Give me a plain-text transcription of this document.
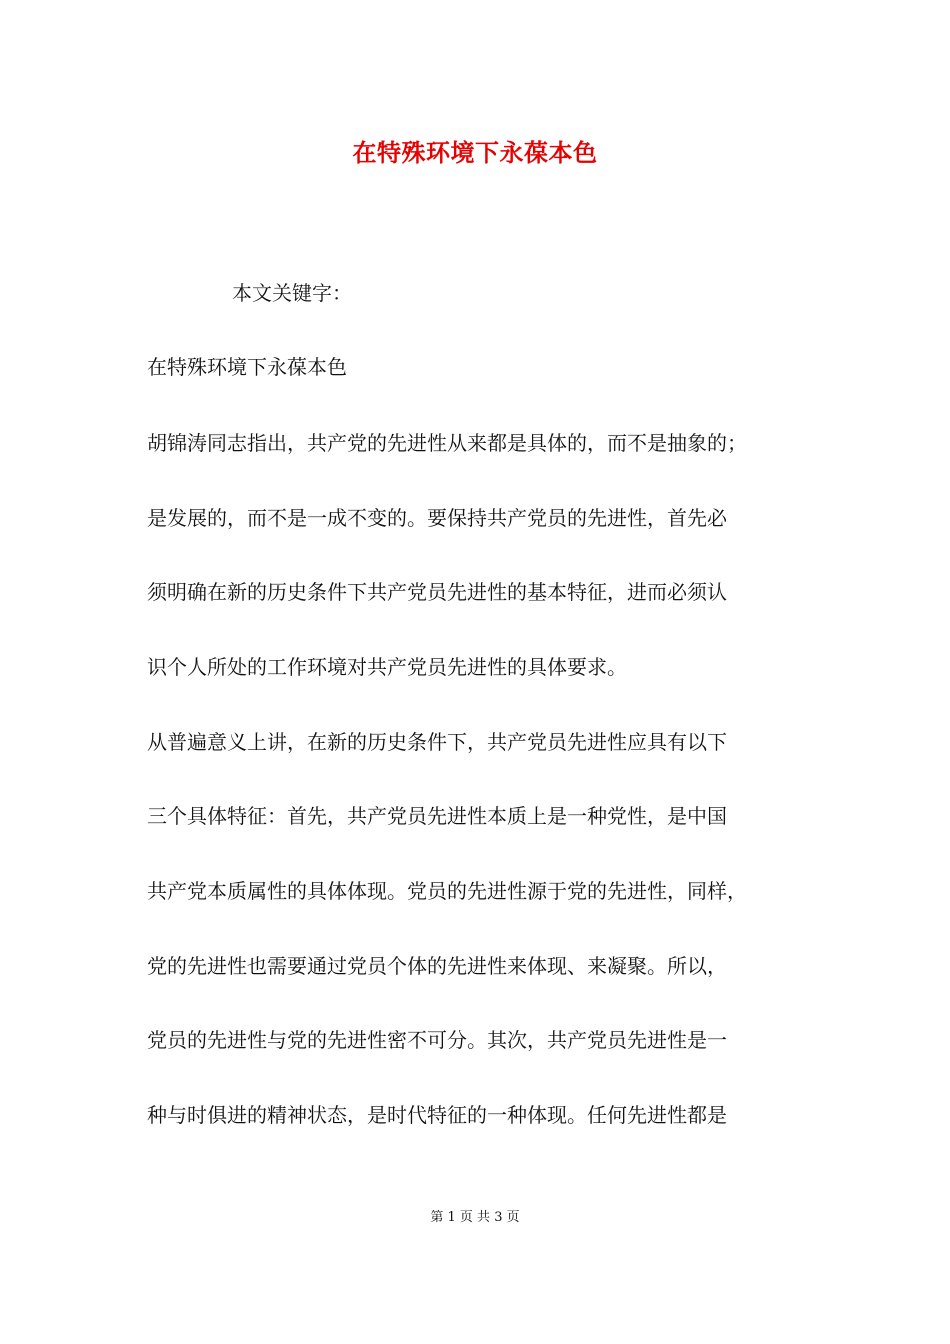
在特殊环境下永葆本色
本文关键字：
在特殊环境下永葆本色
胡锦涛同志指出，共产党的先进性从来都是具体的，而不是抽象的；
是发展的，而不是一成不变的。要保持共产党员的先进性，首先必
须明确在新的历史条件下共产党员先进性的基本特征，进而必须认
识个人所处的工作环境对共产党员先进性的具体要求。
从普遍意义上讲，在新的历史条件下，共产党员先进性应具有以下
三个具体特征：首先，共产党员先进性本质上是一种党性，是中国
共产党本质属性的具体体现。党员的先进性源于党的先进性，同样，
党的先进性也需要通过党员个体的先进性来体现、来凝聚。所以，
党员的先进性与党的先进性密不可分。其次，共产党员先进性是一
种与时俱进的精神状态，是时代特征的一种体现。任何先进性都是
第 1 页 共 3 页
